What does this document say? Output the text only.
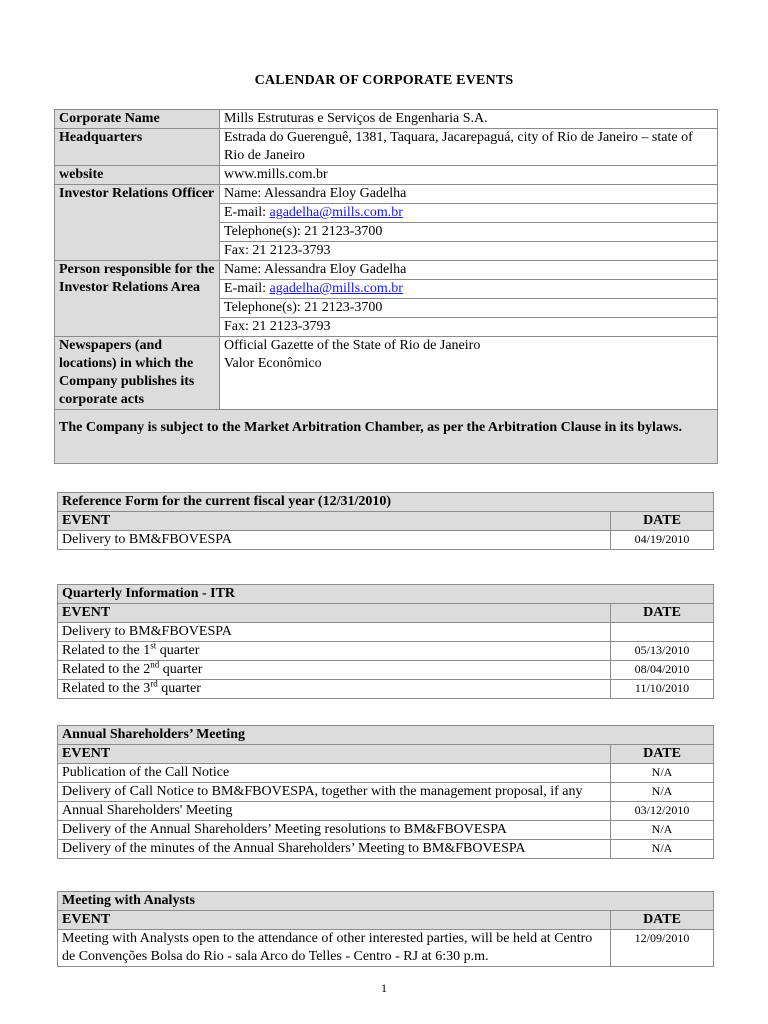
CALENDAR OF CORPORATE EVENTS
Corporate Name	Mills Estruturas e Serviços de Engenharia S.A.
Headquarters	Estrada do Guerenguê, 1381, Taquara, Jacarepaguá, city of Rio de Janeiro – state of Rio de Janeiro
website	www.mills.com.br
Investor Relations Officer	Name: Alessandra Eloy Gadelha
	E-mail: agadelha@mills.com.br
	Telephone(s): 21 2123-3700
	Fax: 21 2123-3793
Person responsible for the Investor Relations Area	Name: Alessandra Eloy Gadelha
	E-mail: agadelha@mills.com.br
	Telephone(s): 21 2123-3700
	Fax: 21 2123-3793
Newspapers (and locations) in which the Company publishes its corporate acts	Official Gazette of the State of Rio de Janeiro
Valor Econômico

The Company is subject to the Market Arbitration Chamber, as per the Arbitration Clause in its bylaws.	
Reference Form for the current fiscal year (12/31/2010)	
EVENT	DATE
Delivery to BM&FBOVESPA	04/19/2010
Quarterly Information - ITR	
EVENT	DATE
Delivery to BM&FBOVESPA	
Related to the 1st quarter	05/13/2010
Related to the 2nd quarter	08/04/2010
Related to the 3rd quarter	11/10/2010
Annual Shareholders’ Meeting	
EVENT	DATE
Publication of the Call Notice	N/A
Delivery of Call Notice to BM&FBOVESPA, together with the management proposal, if any	N/A
Annual Shareholders' Meeting	03/12/2010
Delivery of the Annual Shareholders’ Meeting resolutions to BM&FBOVESPA	N/A
Delivery of the minutes of the Annual Shareholders’ Meeting to BM&FBOVESPA	N/A
Meeting with Analysts	
EVENT	DATE
Meeting with Analysts open to the attendance of other interested parties, will be held at Centro de Convenções Bolsa do Rio - sala Arco do Telles - Centro - RJ at 6:30 p.m.	12/09/2010
1
